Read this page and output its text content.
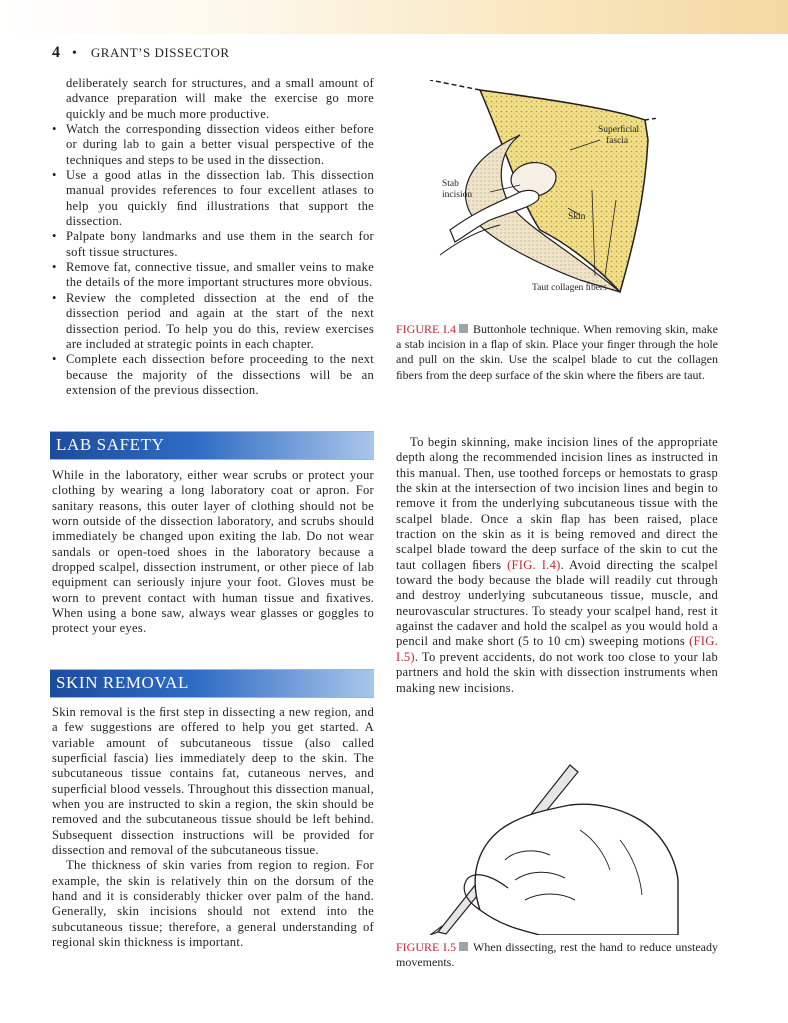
4 • GRANT’S DISSECTOR

deliberately search for structures, and a small amount of advance preparation will make the exercise go more quickly and be much more productive.

• Watch the corresponding dissection videos either before or during lab to gain a better visual perspective of the techniques and steps to be used in the dissection.
• Use a good atlas in the dissection lab. This dissection manual provides references to four excellent atlases to help you quickly ﬁnd illustrations that support the dissection.
• Palpate bony landmarks and use them in the search for soft tissue structures.
• Remove fat, connective tissue, and smaller veins to make the details of the more important structures more obvious.
• Review the completed dissection at the end of the dissection period and again at the start of the next dissection period. To help you do this, review exercises are included at strategic points in each chapter.
• Complete each dissection before proceeding to the next because the majority of the dissections will be an extension of the previous dissection.
Superﬁcial
fascia
Stab
incision
Skin
Taut collagen ﬁbers
FIGURE I.4 Buttonhole technique. When removing skin, make a stab incision in a ﬂap of skin. Place your ﬁnger through the hole and pull on the skin. Use the scalpel blade to cut the collagen ﬁbers from the deep surface of the skin where the ﬁbers are taut.
LAB SAFETY

While in the laboratory, either wear scrubs or protect your clothing by wearing a long laboratory coat or apron. For sanitary reasons, this outer layer of clothing should not be worn outside of the dissection laboratory, and scrubs should immediately be changed upon exiting the lab. Do not wear sandals or open-toed shoes in the laboratory because a dropped scalpel, dissection instrument, or other piece of lab equipment can seriously injure your foot. Gloves must be worn to prevent contact with human tissue and ﬁxatives. When using a bone saw, always wear glasses or goggles to protect your eyes.

SKIN REMOVAL

Skin removal is the ﬁrst step in dissecting a new region, and a few suggestions are offered to help you get started. A variable amount of subcutaneous tissue (also called superﬁcial fascia) lies immediately deep to the skin. The subcutaneous tissue contains fat, cutaneous nerves, and superﬁcial blood vessels. Throughout this dissection manual, when you are instructed to skin a region, the skin should be removed and the subcutaneous tissue should be left behind. Subsequent dissection instructions will be provided for dissection and removal of the subcutaneous tissue.

The thickness of skin varies from region to region. For example, the skin is relatively thin on the dorsum of the hand and it is considerably thicker over palm of the hand. Generally, skin incisions should not extend into the subcutaneous tissue; therefore, a general understanding of regional skin thickness is important.

To begin skinning, make incision lines of the appropriate depth along the recommended incision lines as instructed in this manual. Then, use toothed forceps or hemostats to grasp the skin at the intersection of two incision lines and begin to remove it from the underlying subcutaneous tissue with the scalpel blade. Once a skin ﬂap has been raised, place traction on the skin as it is being removed and direct the scalpel blade toward the deep surface of the skin to cut the taut collagen ﬁbers (FIG. I.4). Avoid directing the scalpel toward the body because the blade will readily cut through and destroy underlying subcutaneous tissue, muscle, and neurovascular structures. To steady your scalpel hand, rest it against the cadaver and hold the scalpel as you would hold a pencil and make short (5 to 10 cm) sweeping motions (FIG. I.5). To prevent accidents, do not work too close to your lab partners and hold the skin with dissection instruments when making new incisions.

FIGURE I.5 When dissecting, rest the hand to reduce unsteady movements.
